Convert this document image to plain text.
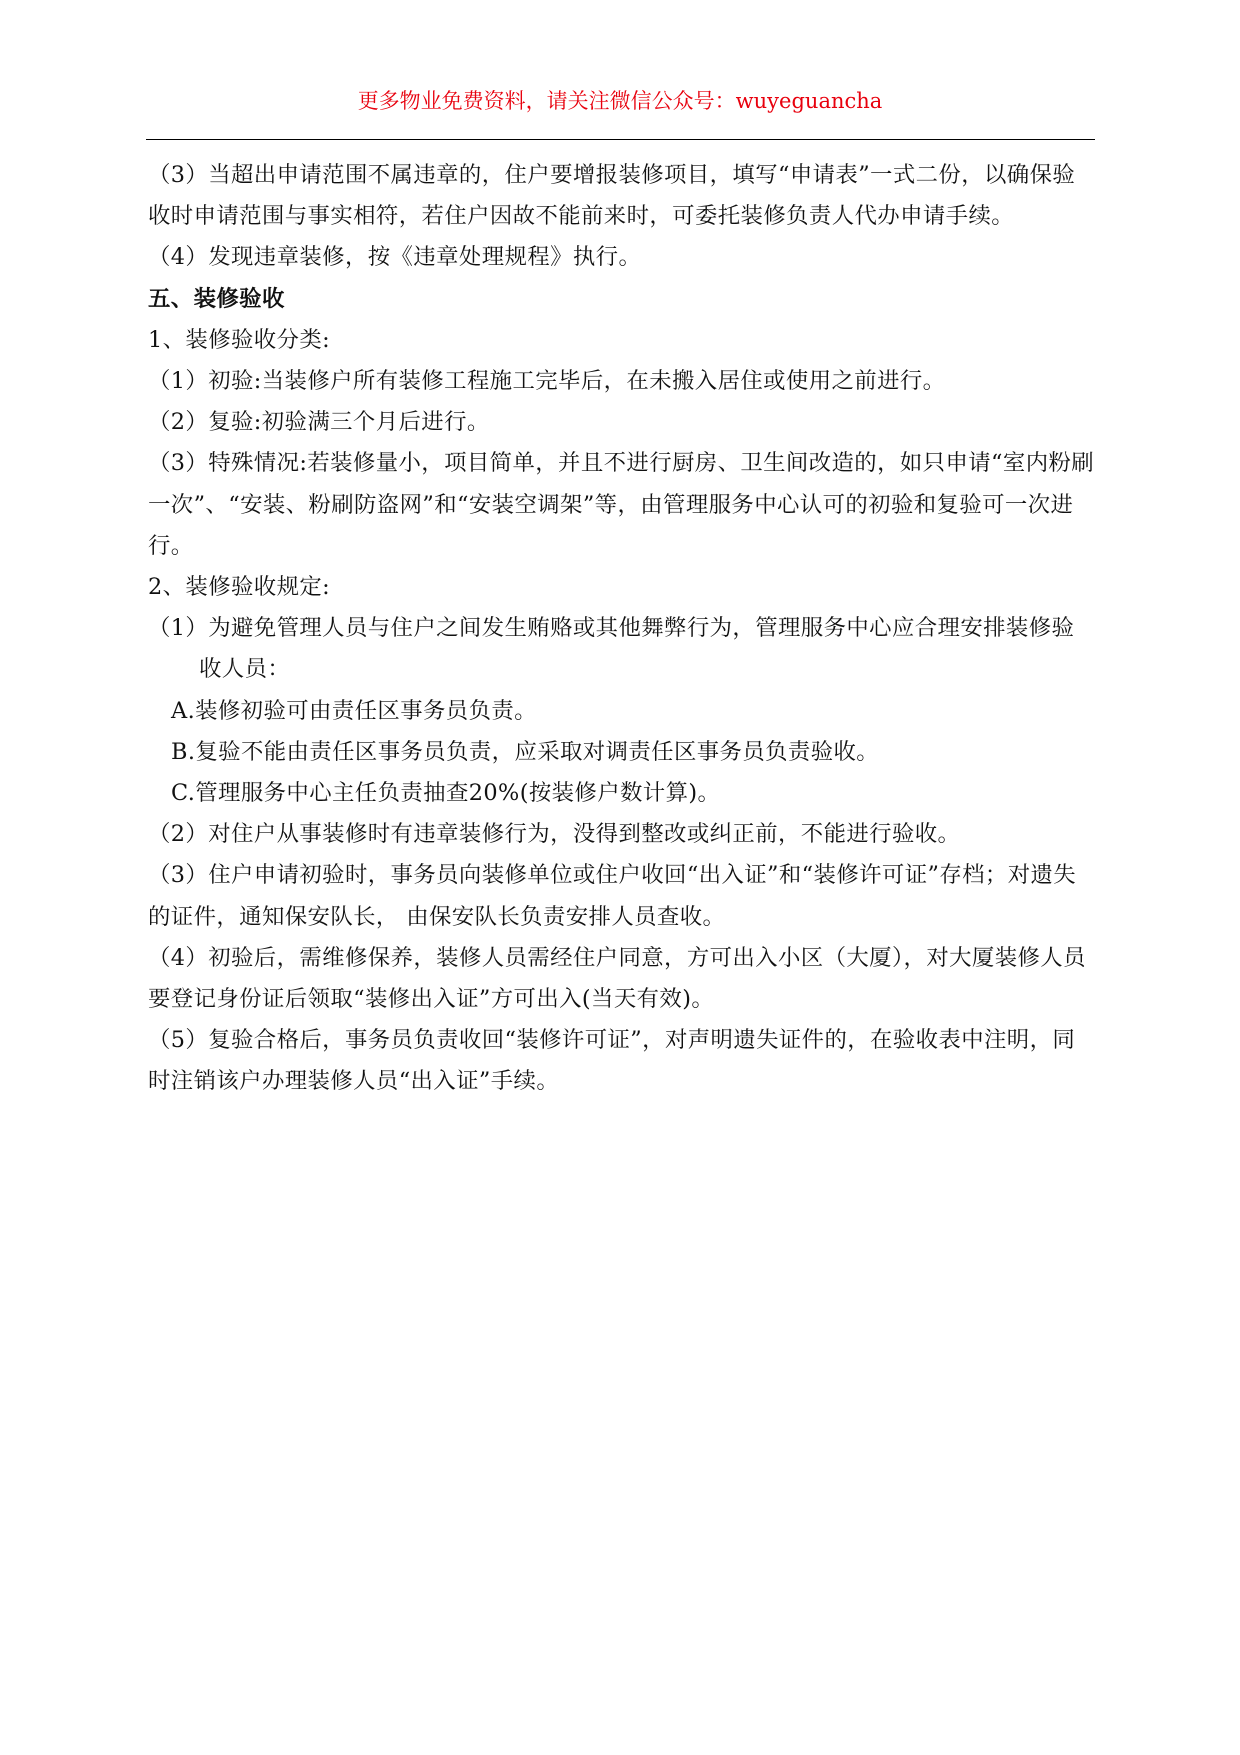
更多物业免费资料，请关注微信公众号：wuyeguancha

（3）当超出申请范围不属违章的，住户要增报装修项目，填写“申请表”一式二份，以确保验收时申请范围与事实相符，若住户因故不能前来时，可委托装修负责人代办申请手续。

（4）发现违章装修，按《违章处理规程》执行。

五、装修验收

1、装修验收分类:

（1）初验:当装修户所有装修工程施工完毕后，在未搬入居住或使用之前进行。

（2）复验:初验满三个月后进行。

（3）特殊情况:若装修量小，项目简单，并且不进行厨房、卫生间改造的，如只申请“室内粉刷一次”、“安装、粉刷防盗网”和“安装空调架”等，由管理服务中心认可的初验和复验可一次进行。

2、装修验收规定:

（1）为避免管理人员与住户之间发生贿赂或其他舞弊行为，管理服务中心应合理安排装修验收人员：

A.装修初验可由责任区事务员负责。

B.复验不能由责任区事务员负责，应采取对调责任区事务员负责验收。

C.管理服务中心主任负责抽查20%(按装修户数计算)。

（2）对住户从事装修时有违章装修行为，没得到整改或纠正前，不能进行验收。

（3）住户申请初验时，事务员向装修单位或住户收回“出入证”和“装修许可证”存档；对遗失的证件，通知保安队长， 由保安队长负责安排人员查收。

（4）初验后，需维修保养，装修人员需经住户同意，方可出入小区（大厦），对大厦装修人员要登记身份证后领取“装修出入证”方可出入(当天有效)。

（5）复验合格后，事务员负责收回“装修许可证”，对声明遗失证件的，在验收表中注明，同时注销该户办理装修人员“出入证”手续。
